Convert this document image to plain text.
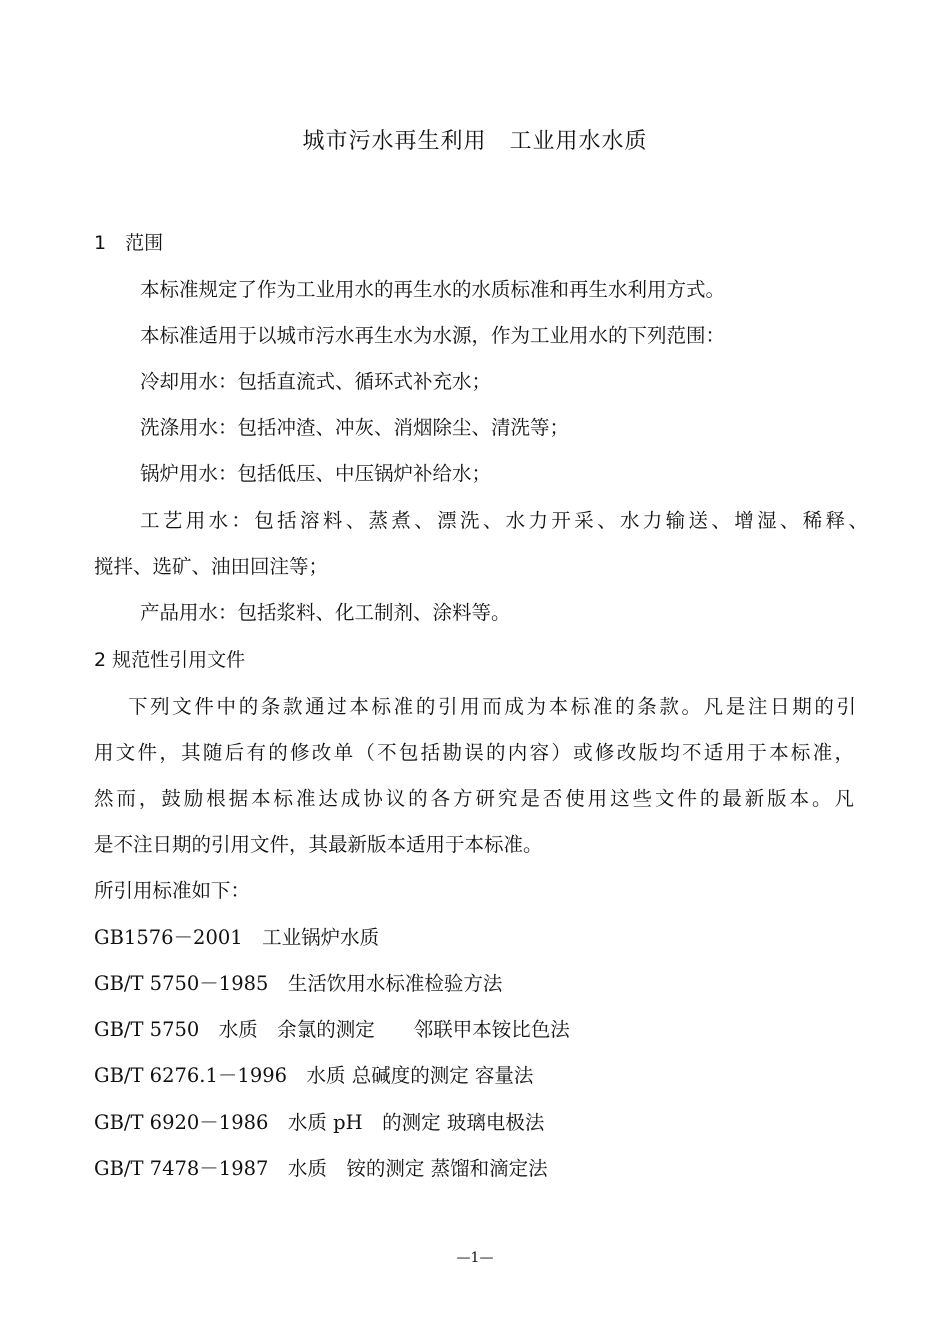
城市污水再生利用　工业用水水质
1　范围
本标准规定了作为工业用水的再生水的水质标准和再生水利用方式。
本标准适用于以城市污水再生水为水源，作为工业用水的下列范围：
冷却用水：包括直流式、循环式补充水；
洗涤用水：包括冲渣、冲灰、消烟除尘、清洗等；
锅炉用水：包括低压、中压锅炉补给水；
工艺用水：包括溶料、蒸煮、漂洗、水力开采、水力输送、增湿、稀释、
搅拌、选矿、油田回注等；
产品用水：包括浆料、化工制剂、涂料等。
2 规范性引用文件
下列文件中的条款通过本标准的引用而成为本标准的条款。凡是注日期的引
用文件，其随后有的修改单（不包括勘误的内容）或修改版均不适用于本标准，
然而，鼓励根据本标准达成协议的各方研究是否使用这些文件的最新版本。凡
是不注日期的引用文件，其最新版本适用于本标准。
所引用标准如下：
GB1576－2001　工业锅炉水质
GB/T 5750－1985　生活饮用水标准检验方法
GB/T 5750　水质　余氯的测定　　邻联甲本铵比色法
GB/T 6276.1－1996　水质 总碱度的测定 容量法
GB/T 6920－1986　水质 pH　的测定 玻璃电极法
GB/T 7478－1987　水质　铵的测定 蒸馏和滴定法
—1—
